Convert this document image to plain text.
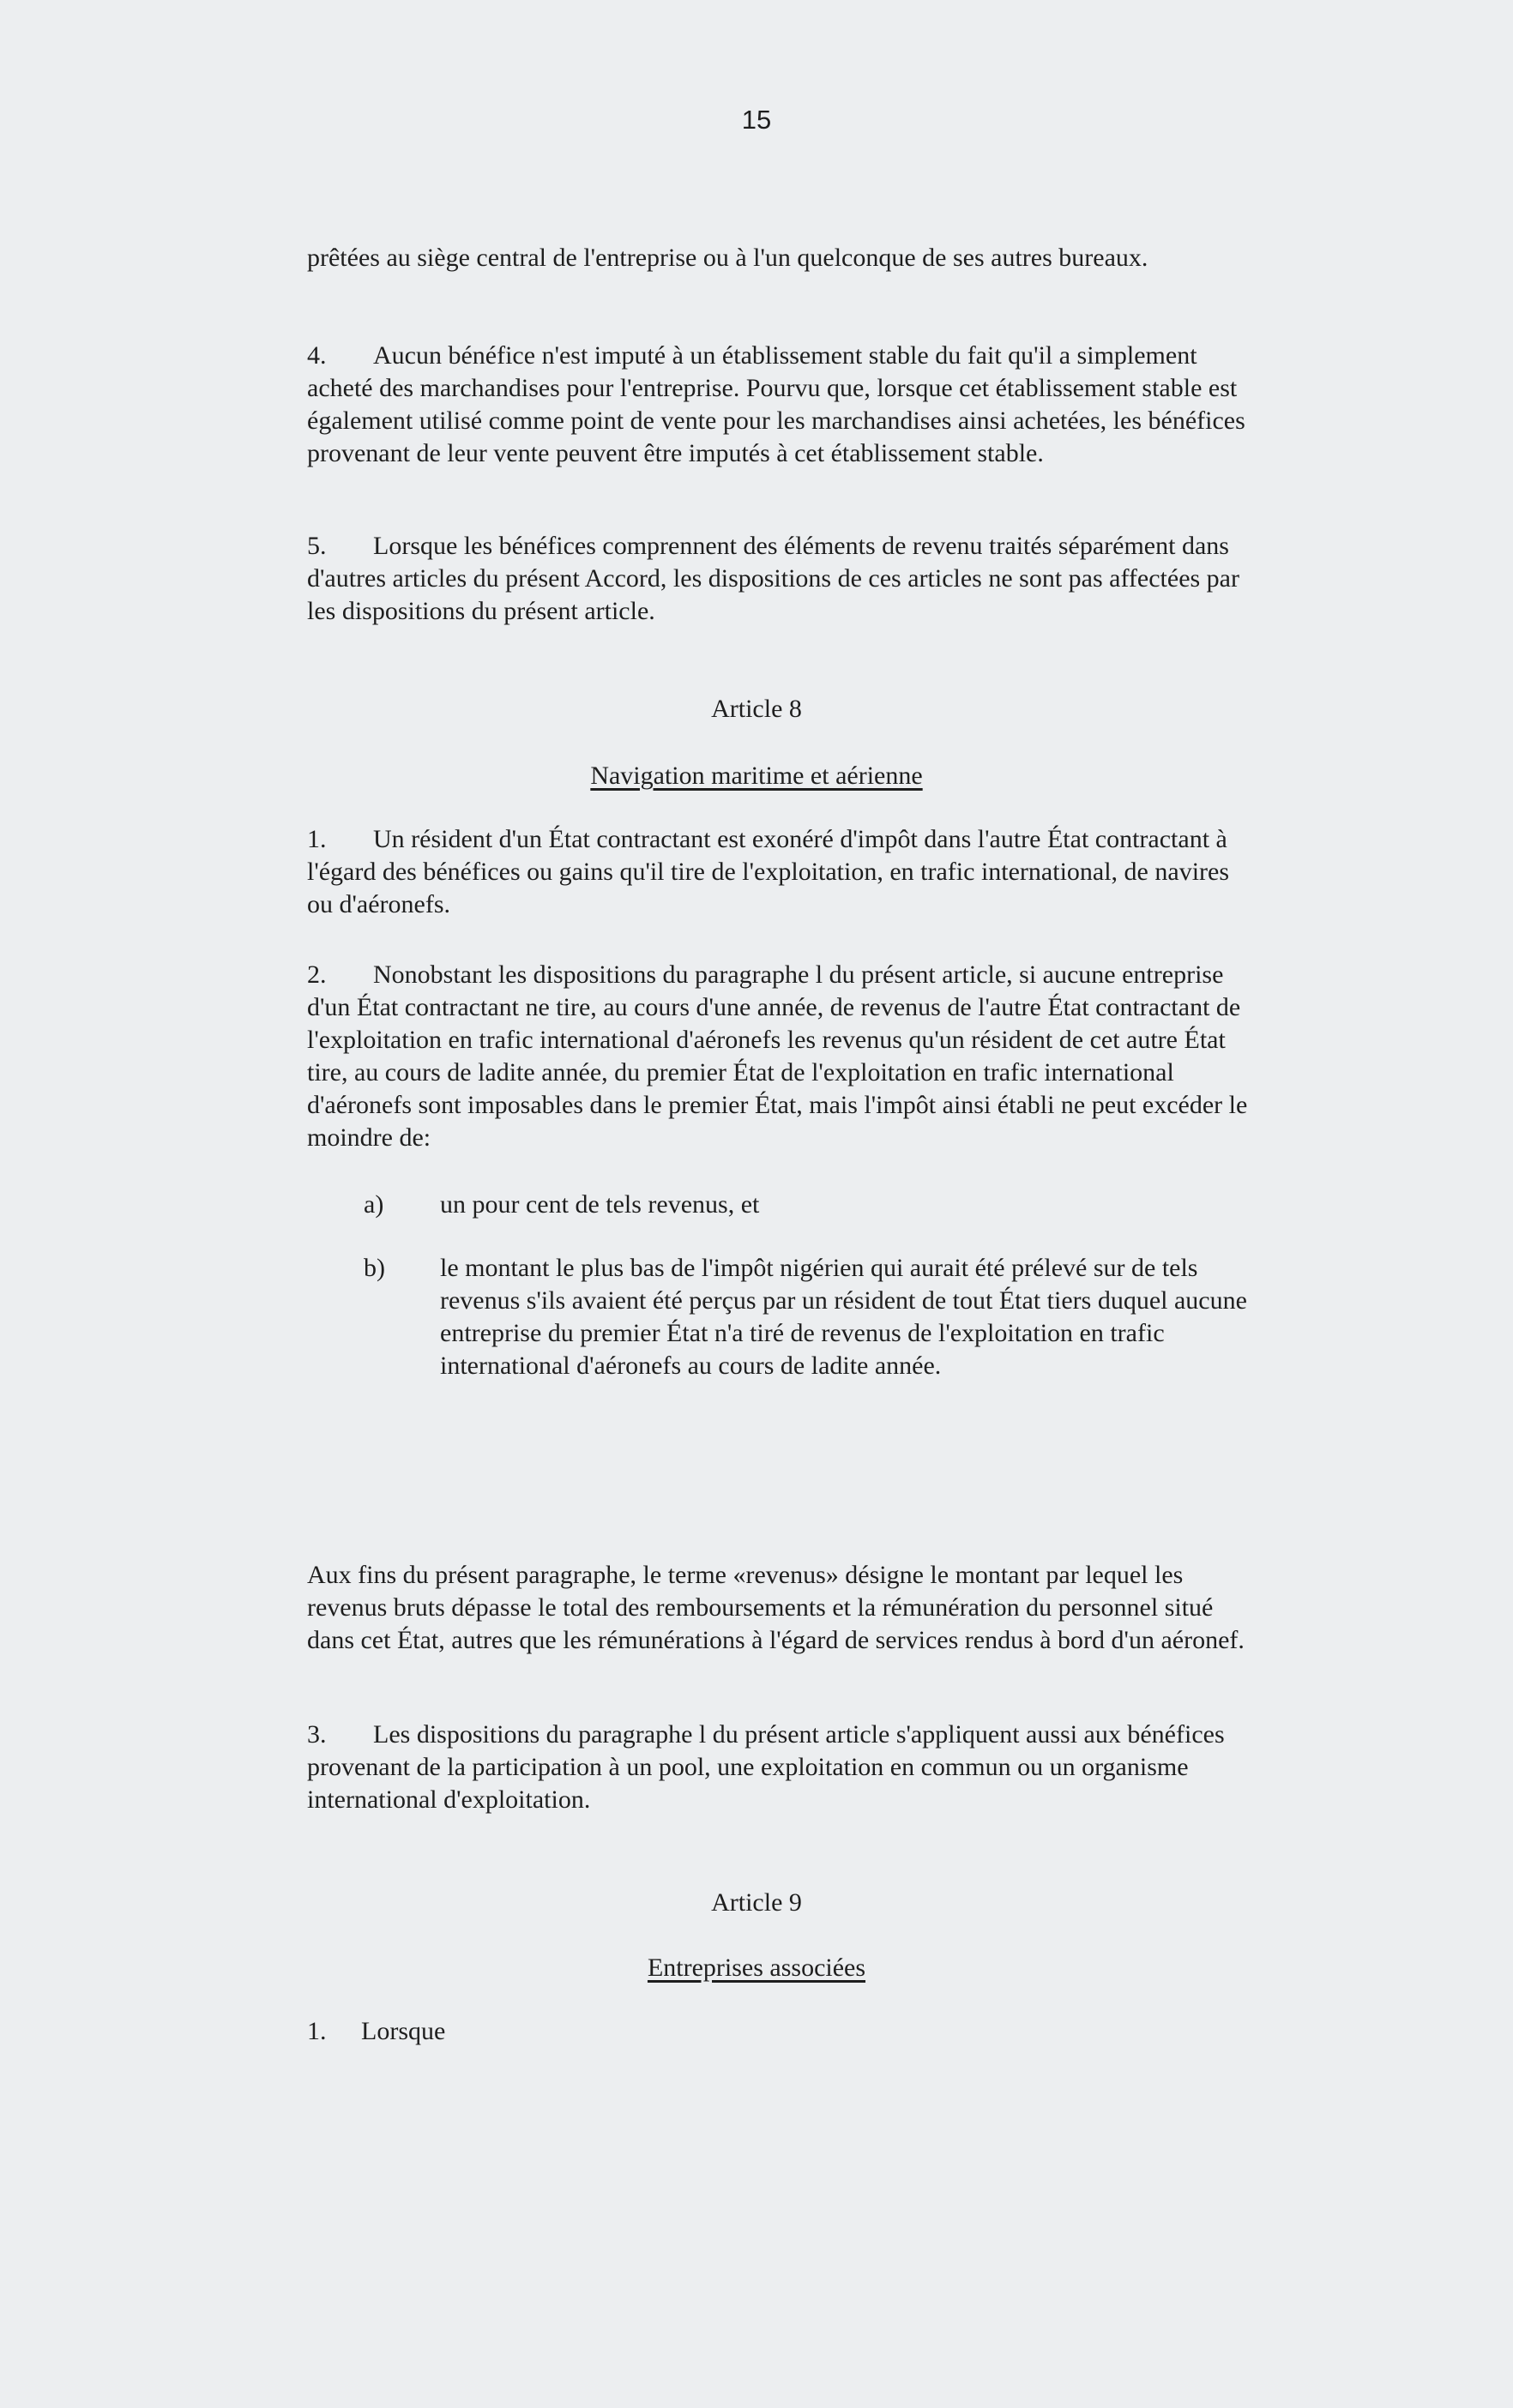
15

prêtées au siège central de l'entreprise ou à l'un quelconque de ses autres bureaux.

4. Aucun bénéfice n'est imputé à un établissement stable du fait qu'il a simplement acheté des marchandises pour l'entreprise. Pourvu que, lorsque cet établissement stable est également utilisé comme point de vente pour les marchandises ainsi achetées, les bénéfices provenant de leur vente peuvent être imputés à cet établissement stable.

5. Lorsque les bénéfices comprennent des éléments de revenu traités séparément dans d'autres articles du présent Accord, les dispositions de ces articles ne sont pas affectées par les dispositions du présent article.

Article 8
Navigation maritime et aérienne

1. Un résident d'un État contractant est exonéré d'impôt dans l'autre État contractant à l'égard des bénéfices ou gains qu'il tire de l'exploitation, en trafic international, de navires ou d'aéronefs.

2. Nonobstant les dispositions du paragraphe l du présent article, si aucune entreprise d'un État contractant ne tire, au cours d'une année, de revenus de l'autre État contractant de l'exploitation en trafic international d'aéronefs les revenus qu'un résident de cet autre État tire, au cours de ladite année, du premier État de l'exploitation en trafic international d'aéronefs sont imposables dans le premier État, mais l'impôt ainsi établi ne peut excéder le moindre de:

a) un pour cent de tels revenus, et
b) le montant le plus bas de l'impôt nigérien qui aurait été prélevé sur de tels revenus s'ils avaient été perçus par un résident de tout État tiers duquel aucune entreprise du premier État n'a tiré de revenus de l'exploitation en trafic international d'aéronefs au cours de ladite année.

Aux fins du présent paragraphe, le terme «revenus» désigne le montant par lequel les revenus bruts dépasse le total des remboursements et la rémunération du personnel situé dans cet État, autres que les rémunérations à l'égard de services rendus à bord d'un aéronef.

3. Les dispositions du paragraphe l du présent article s'appliquent aussi aux bénéfices provenant de la participation à un pool, une exploitation en commun ou un organisme international d'exploitation.

Article 9
Entreprises associées

1. Lorsque
